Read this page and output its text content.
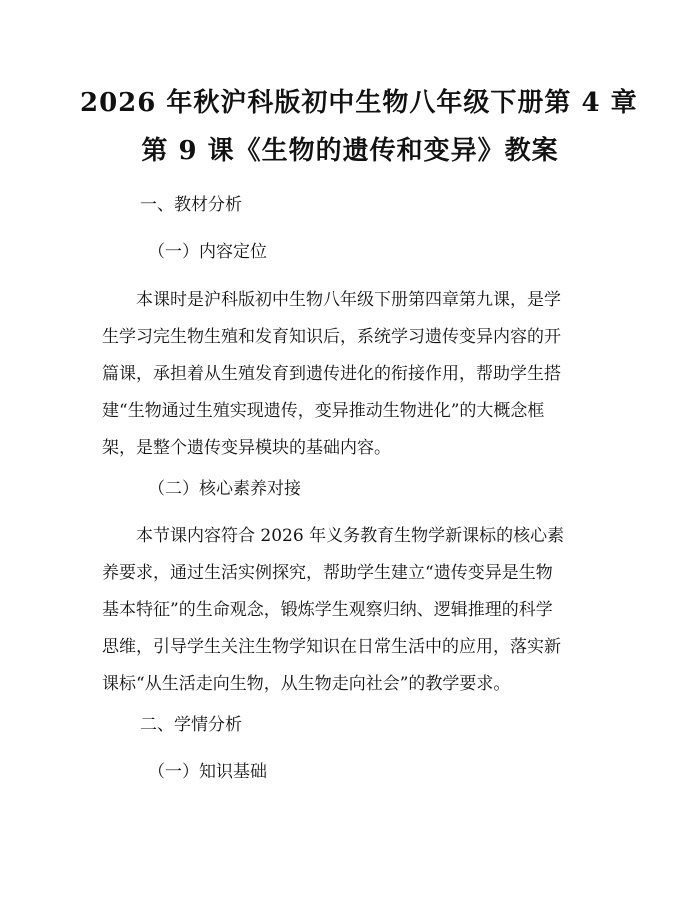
2026 年秋沪科版初中生物八年级下册第 4 章
第 9 课《生物的遗传和变异》教案
一、教材分析
（一）内容定位
本课时是沪科版初中生物八年级下册第四章第九课，是学
生学习完生物生殖和发育知识后，系统学习遗传变异内容的开
篇课，承担着从生殖发育到遗传进化的衔接作用，帮助学生搭
建“生物通过生殖实现遗传，变异推动生物进化”的大概念框
架，是整个遗传变异模块的基础内容。
（二）核心素养对接
本节课内容符合 2026 年义务教育生物学新课标的核心素
养要求，通过生活实例探究，帮助学生建立“遗传变异是生物
基本特征”的生命观念，锻炼学生观察归纳、逻辑推理的科学
思维，引导学生关注生物学知识在日常生活中的应用，落实新
课标“从生活走向生物，从生物走向社会”的教学要求。
二、学情分析
（一）知识基础
